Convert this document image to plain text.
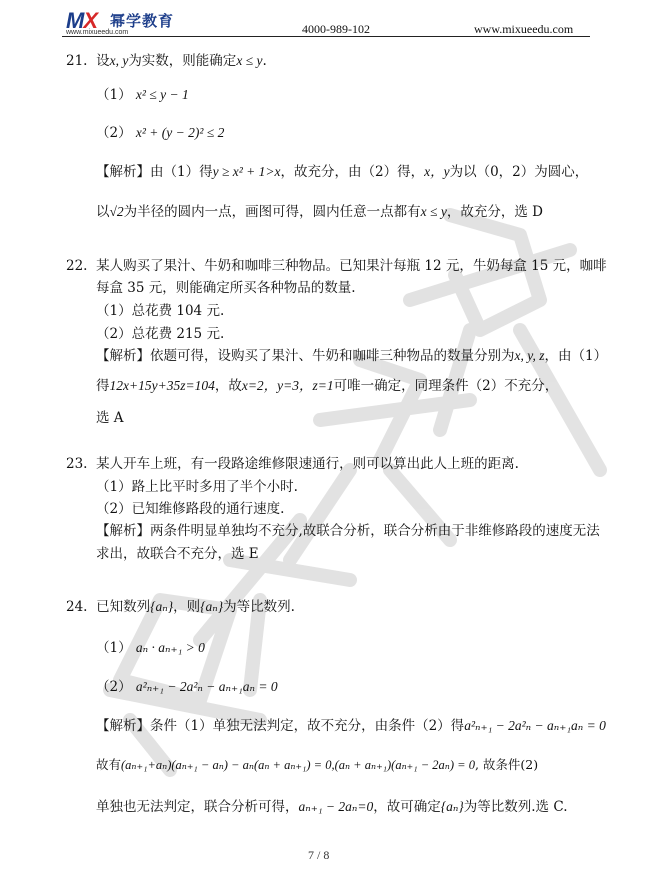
幂学教育
MX 幂学教育
www.mixueedu.com	4000-989-102	www.mixueedu.com
21. 设x, y为实数，则能确定x ≤ y.
（1） x² ≤ y − 1
（2） x² + (y − 2)² ≤ 2
【解析】由（1）得y ≥ x² + 1>x，故充分，由（2）得，x，y为以（0，2）为圆心，
以√2为半径的圆内一点，画图可得，圆内任意一点都有x ≤ y，故充分，选 D
22. 某人购买了果汁、牛奶和咖啡三种物品。已知果汁每瓶 12 元，牛奶每盒 15 元，咖啡
每盒 35 元，则能确定所买各种物品的数量.
（1）总花费 104 元.
（2）总花费 215 元.
【解析】依题可得，设购买了果汁、牛奶和咖啡三种物品的数量分别为x, y, z，由（1）
得12x+15y+35z=104，故x=2，y=3，z=1可唯一确定，同理条件（2）不充分，
选 A
23. 某人开车上班，有一段路途维修限速通行，则可以算出此人上班的距离.
（1）路上比平时多用了半个小时.
（2）已知维修路段的通行速度.
【解析】两条件明显单独均不充分,故联合分析，联合分析由于非维修路段的速度无法
求出，故联合不充分，选 E
24. 已知数列{aₙ}，则{aₙ}为等比数列.
（1） aₙ · aₙ₊₁ > 0
（2） a²ₙ₊₁ − 2a²ₙ − aₙ₊₁aₙ = 0
【解析】条件（1）单独无法判定，故不充分，由条件（2）得a²ₙ₊₁ − 2a²ₙ − aₙ₊₁aₙ = 0
故有(aₙ₊₁+aₙ)(aₙ₊₁ − aₙ) − aₙ(aₙ + aₙ₊₁) = 0,(aₙ + aₙ₊₁)(aₙ₊₁ − 2aₙ) = 0, 故条件(2)
单独也无法判定，联合分析可得，aₙ₊₁ − 2aₙ=0，故可确定{aₙ}为等比数列.选 C.
7 / 8
